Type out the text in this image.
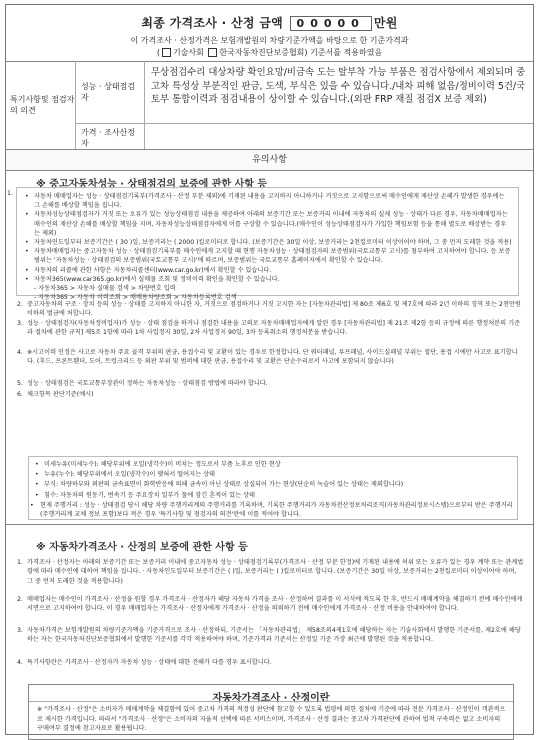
최종 가격조사 · 산정 금액 00000 만원
이 가격조사 · 산정가격은 보험개발원의 차량기준가액을 바탕으로 한 기준가격과
( 기술사회 한국자동차진단보증협회) 기준서를 적용하였음
특기사항및 점검자의 의견
성능 · 상태점검자
무상점검수리 대상차량 확인요망/비금속 도는 탈부착 가능 부품은 점검사항에서 제외되며 중고차 특성상 부분적인 판금, 도색, 부식은 있을 수 있습니다./내차 피해 없음/정비이력 5건/국토부 통합이력과 점검내용이 상이할 수 있습니다.(외판 FRP 재질 점검X 보증 제외)
가격 · 조사산정자
유의사항
※ 중고자동차성능 · 상태점검의 보증에 관한 사항 등
• 자동차 매매업자는 성능 · 상태점검기록부(가격조사 · 산정 부분 제외)에 기재된 내용을 고지하지 아니하거나 거짓으로 고지함으로써 매수인에게 재산상 손해가 발생한 경우에는 그 손해를 배상할 책임을 집니다.
• 자동차성능상태점검자가 거짓 또는 오류가 있는 성능상태점검 내용을 제공하여 아래의 보증기간 또는 보증거리 이내에 자동차의 실제 성능 · 상태가 다른 경우, 자동차매매업자는 매수인의 재산상 손해를 배상할 책임을 지며, 자동차성능상태점검자에게 이를 구상할 수 있습니다.(매수인이 성능상태점검자가 가입한 책임보험 등을 통해 별도로 배상받는 경우는 제외)
• 자동차인도일부터 보증기간은 ( 30 )일, 보증거리는 ( 2000 )킬로미터로 합니다. (보증기간은 30일 이상, 보증거리는 2천킬로미터 이상이어야 하며, 그 중 먼저 도래한 것을 적용)
• 자동차매매업자는 중고자동차 성능 · 상태점검기록부를 매수인에게 고지할 때 현행 자동차성능 · 상태점검자의 보증범위(국토교통부 고시)를 첨부하여 고지하여야 합니다. 등 보증범위는 '자동차성능 · 상태점검의 보증범위(국토교통부 고시)'에 따르며, 보증범위는 국토교통부 홈페이지에서 확인할 수 있습니다.
• 자동차의 리콜에 관한 사항은 자동차리콜센터(www.car.go.kr)에서 확인할 수 있습니다.
• 자동차365(www.car365.go.kr)에서 실매물 조회 및 정비이력 확인을 확인할 수 있습니다.
- 자동차365 > 자동차 실매물 검색 > 차량번호 입력
- 자동차365 > 자동차 이력조회 > 매매용차량조회 > 자동차등록번호 검색
1.
2. 중고자동차의 구조 · 장치 등의 성능 · 상태를 고지하지 아니한 자, 거짓으로 점검하거나 거짓 고지한 자는 [자동차관리법] 제 80조 제6호 및 제7호에 따라 2년 이하의 징역 또는 2천만원 이하의 벌금에 처합니다.
3. 성능 · 상태점검자(자동차정비업자)가 성능 · 상태 점검을 하거나 점검한 내용을 고의로 자동차매매업자에게 알린 경우 [자동차관리법] 제 21조 제2항 등의 규정에 따른 행정처분의 기준과 절차에 관한 규칙] 제5조 1항에 따라 1차 사업정지 30일, 2차 사업정지 90일, 3차 등록취소의 행정처분을 받습니다.
4. ※시고이력 인정은 사고로 자동차 주요 골격 부위의 판금, 용접수리 및 교환이 있는 경우로 한정합니다. 단 쿼터패널, 루프패널, 사이드실패널 부위는 절단, 용접 시에만 사고로 표기합니다. (후드, 프론트휀더, 도어, 트렁크리드 등 외판 부위 및 범퍼에 대한 판금, 용접수리 및 교환은 단순수리로서 사고에 포함되지 않습니다)
5. 성능 · 상태점검은 국토교통부장관이 정하는 자동차성능 · 상태점검 방법에 따라야 합니다.
6. 체크항목 판단기준(예시)
• 미세누유(미세누수): 해당부위에 오일(냉각수)이 비치는 정도로서 부품 노후로 인한 현상
• 누유(누수): 해당부위에서 오일(냉각수)이 맺혀서 떨어지는 상태
• 부식: 차량하부와 외판의 금속표면이 화학반응에 의해 금속이 아닌 상태로 상실되어 가는 현상(단순히 녹슬어 있는 상태는 제외합니다)
• 침수: 자동차의 원동기, 변속기 등 주요장치 일부가 물에 잠긴 흔적이 있는 상태
•	현재 주행거리 : 성능 · 상태점검 당시 해당 차량 주행거리계의 주행거리를 기록하며, 기록한 주행거리가 자동차전산정보처리조직(자동차관리정보시스템)으로부터 받은 주행거리(주행거리계 교체 정보 포함)보다 적은 경우 '특기사항 및 점검자의 의견'란에 이를 적어야 합니다.
※ 자동차가격조사 · 산정의 보증에 관한 사항 등
1. 가격조사 · 산정자는 아래의 보증기간 또는 보증거리 이내에 중고자동차 성능 · 상태점검기록부(가격조사 · 산정 부분 한정)에 기재된 내용에 허위 또는 오류가 있는 경우 계약 또는 관계법령에 따라 매수인에 대하여 책임을 집니다. · 자동차인도일부터 보증기간은 ( )일, 보증거리는 ( )킬로미터로 합니다. (보증기간은 30일 이상, 보증거리는 2천킬로미터 이상이어야 하며, 그 중 먼저 도래한 것을 적용합니다)
2. 매매업자는 매수인이 가격조사 · 산정을 원할 경우 가격조사 · 산정자가 해당 자동차 가격을 조사 · 산정하여 결과를 이 서식에 적도록 한 후, 반드시 매매계약을 체결하기 전에 매수인에게 서면으로 고지하여야 합니다. 이 경우 매매업자는 가격조사 · 산정자에게 가격조사 · 산정을 의뢰하기 전에 매수인에게 가격조사 · 산정 비용을 안내하여야 합니다.
3. 자동차가격은 보험개발원의 차량기준가액을 기준가격으로 조사 · 산정하되, 기준서는 「자동차관리법」 제58조의4제1호에 해당하는 자는 기술사회에서 발행한 기준서를, 제2호에 해당하는 자는 한국자동차진단보증협회에서 발행한 기준서를 각각 적용하여야 하며, 기준가격과 기준서는 산정일 기준 가장 최근에 발행된 것을 적용합니다.
4. 특기사항란은 가격조사 · 산정자가 자동차 성능 · 상태에 대한 견해가 다를 경우 표시합니다.
자동차가격조사 · 산정이란
※ "가격조사 · 산정"은 소비자가 매매계약을 체결함에 있어 중고차 가격의 적정성 판단에 참고할 수 있도록 법령에 의한 절차에 기준에 따라 전문 가격조사 · 산정인이 객관적으로 제시한 가격입니다. 따라서 "가격조사 · 산정"은 소비자의 자율적 선택에 따른 서비스이며, 가격조사 · 산정 결과는 중고차 가격판단에 관하여 법적 구속력은 없고 소비자의 구매여부 결정에 참고자료로 활용됩니다.
